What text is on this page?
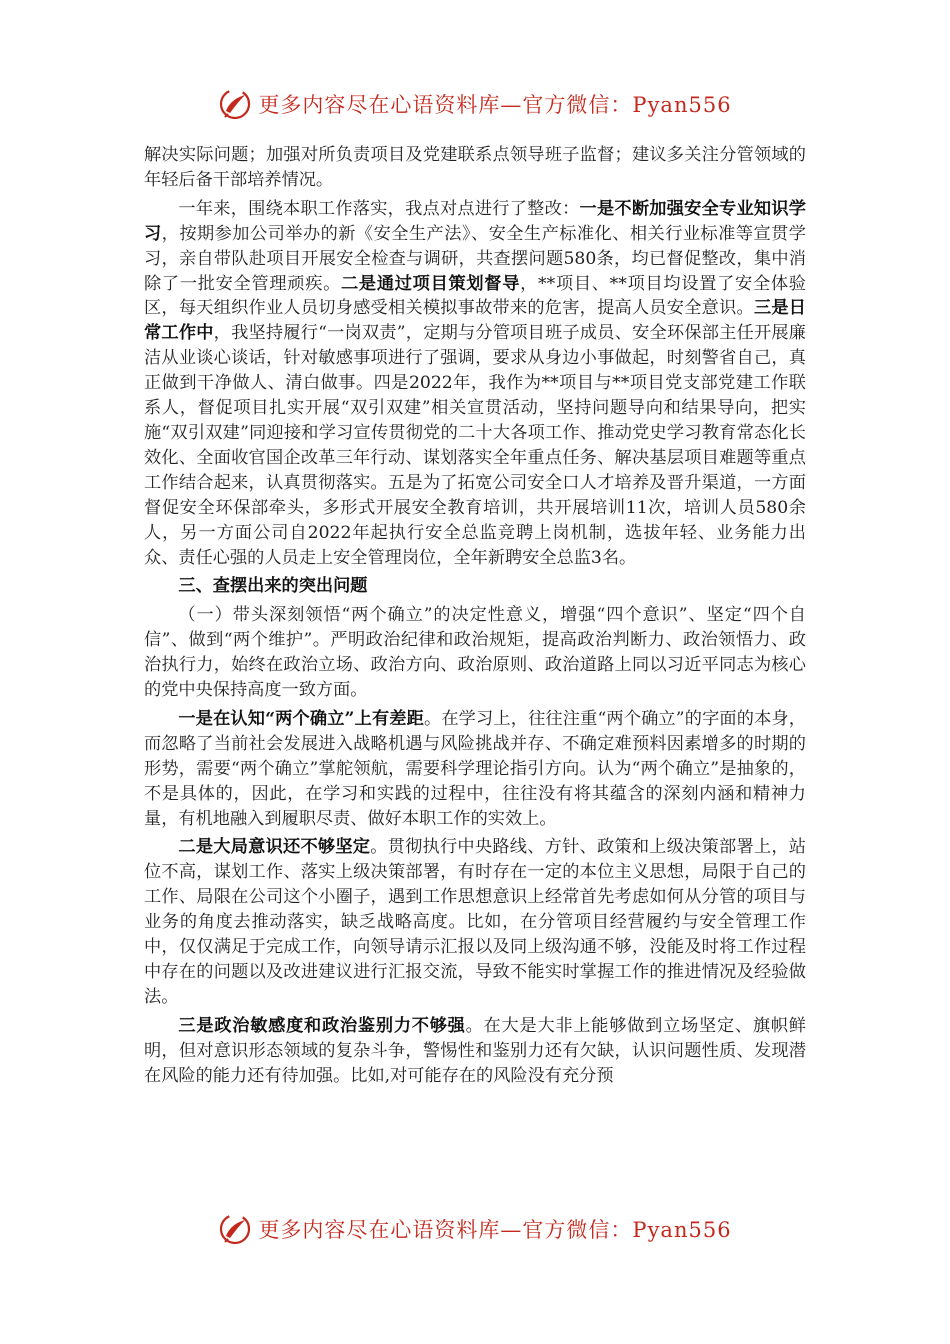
更多内容尽在心语资料库—官方微信：Pyan556

解决实际问题；加强对所负责项目及党建联系点领导班子监督；建议多关注分管领域的年轻后备干部培养情况。

一年来，围绕本职工作落实，我点对点进行了整改：一是不断加强安全专业知识学习，按期参加公司举办的新《安全生产法》、安全生产标准化、相关行业标准等宣贯学习，亲自带队赴项目开展安全检查与调研，共查摆问题580条，均已督促整改，集中消除了一批安全管理顽疾。二是通过项目策划督导，**项目、**项目均设置了安全体验区，每天组织作业人员切身感受相关模拟事故带来的危害，提高人员安全意识。三是日常工作中，我坚持履行“一岗双责”，定期与分管项目班子成员、安全环保部主任开展廉洁从业谈心谈话，针对敏感事项进行了强调，要求从身边小事做起，时刻警省自己，真正做到干净做人、清白做事。四是2022年，我作为**项目与**项目党支部党建工作联系人，督促项目扎实开展“双引双建”相关宣贯活动，坚持问题导向和结果导向，把实施“双引双建”同迎接和学习宣传贯彻党的二十大各项工作、推动党史学习教育常态化长效化、全面收官国企改革三年行动、谋划落实全年重点任务、解决基层项目难题等重点工作结合起来，认真贯彻落实。五是为了拓宽公司安全口人才培养及晋升渠道，一方面督促安全环保部牵头，多形式开展安全教育培训，共开展培训11次，培训人员580余人，另一方面公司自2022年起执行安全总监竞聘上岗机制，选拔年轻、业务能力出众、责任心强的人员走上安全管理岗位，全年新聘安全总监3名。

三、查摆出来的突出问题

（一）带头深刻领悟“两个确立”的决定性意义，增强“四个意识”、坚定“四个自信”、做到“两个维护”。严明政治纪律和政治规矩，提高政治判断力、政治领悟力、政治执行力，始终在政治立场、政治方向、政治原则、政治道路上同以习近平同志为核心的党中央保持高度一致方面。

一是在认知“两个确立”上有差距。在学习上，往往注重“两个确立”的字面的本身，而忽略了当前社会发展进入战略机遇与风险挑战并存、不确定难预料因素增多的时期的形势，需要“两个确立”掌舵领航，需要科学理论指引方向。认为“两个确立”是抽象的，不是具体的，因此，在学习和实践的过程中，往往没有将其蕴含的深刻内涵和精神力量，有机地融入到履职尽责、做好本职工作的实效上。

二是大局意识还不够坚定。贯彻执行中央路线、方针、政策和上级决策部署上，站位不高，谋划工作、落实上级决策部署，有时存在一定的本位主义思想，局限于自己的工作、局限在公司这个小圈子，遇到工作思想意识上经常首先考虑如何从分管的项目与业务的角度去推动落实，缺乏战略高度。比如，在分管项目经营履约与安全管理工作中，仅仅满足于完成工作，向领导请示汇报以及同上级沟通不够，没能及时将工作过程中存在的问题以及改进建议进行汇报交流，导致不能实时掌握工作的推进情况及经验做法。

三是政治敏感度和政治鉴别力不够强。在大是大非上能够做到立场坚定、旗帜鲜明，但对意识形态领域的复杂斗争，警惕性和鉴别力还有欠缺，认识问题性质、发现潜在风险的能力还有待加强。比如,对可能存在的风险没有充分预

更多内容尽在心语资料库—官方微信：Pyan556
